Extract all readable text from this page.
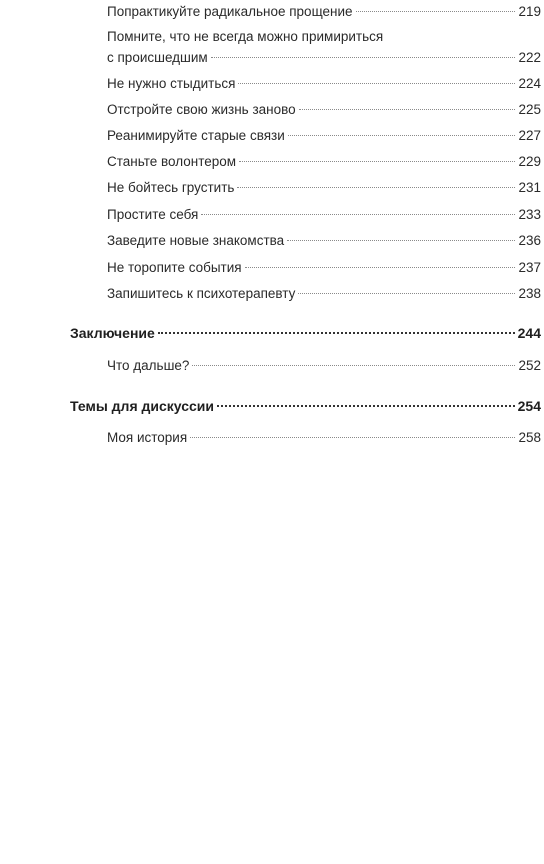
Попрактикуйте радикальное прощение	219
Помните, что не всегда можно примириться
с происшедшим	222
Не нужно стыдиться	224
Отстройте свою жизнь заново	225
Реанимируйте старые связи	227
Станьте волонтером	229
Не бойтесь грустить	231
Простите себя	233
Заведите новые знакомства	236
Не торопите события	237
Запишитесь к психотерапевту	238
Заключение	244
Что дальше?	252
Темы для дискуссии	254
Моя история	258
